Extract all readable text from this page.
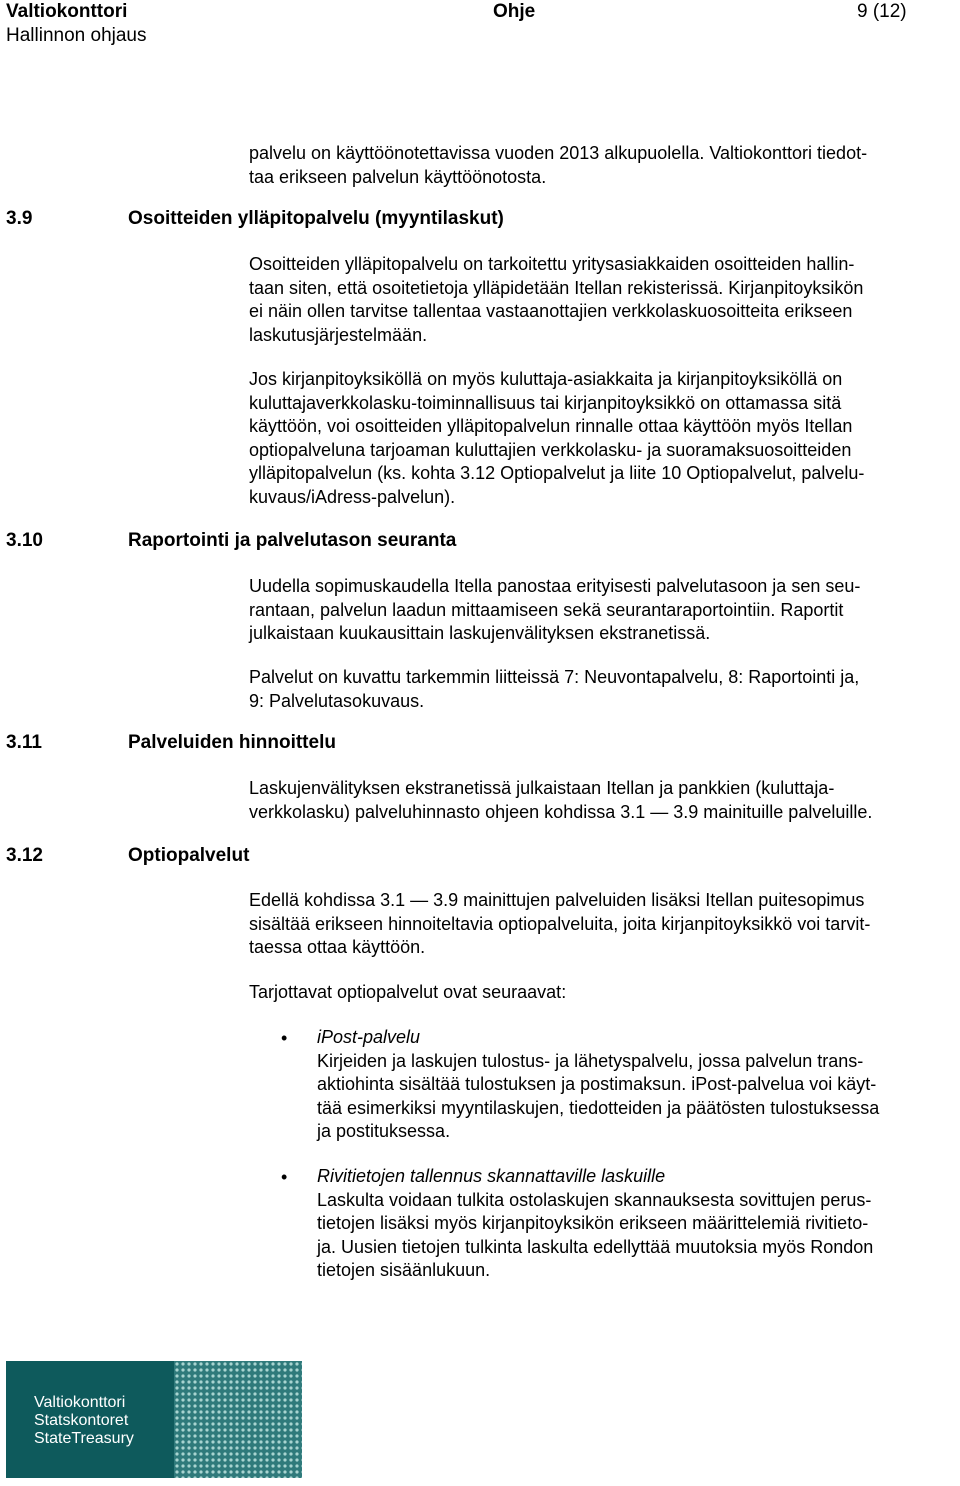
Valtiokonttori
Hallinnon ohjaus
Ohje	9 (12)
palvelu on käyttöönotettavissa vuoden 2013 alkupuolella. Valtiokonttori tiedot-
taa erikseen palvelun käyttöönotosta.
3.9	Osoitteiden ylläpitopalvelu (myyntilaskut)
Osoitteiden ylläpitopalvelu on tarkoitettu yritysasiakkaiden osoitteiden hallin-
taan siten, että osoitetietoja ylläpidetään Itellan rekisterissä. Kirjanpitoyksikön
ei näin ollen tarvitse tallentaa vastaanottajien verkkolaskuosoitteita erikseen
laskutusjärjestelmään.
Jos kirjanpitoyksiköllä on myös kuluttaja-asiakkaita ja kirjanpitoyksiköllä on
kuluttajaverkkolasku-toiminnallisuus tai kirjanpitoyksikkö on ottamassa sitä
käyttöön, voi osoitteiden ylläpitopalvelun rinnalle ottaa käyttöön myös Itellan
optiopalveluna tarjoaman kuluttajien verkkolasku- ja suoramaksuosoitteiden
ylläpitopalvelun (ks. kohta 3.12 Optiopalvelut ja liite 10 Optiopalvelut, palvelu-
kuvaus/iAdress-palvelun).
3.10	Raportointi ja palvelutason seuranta
Uudella sopimuskaudella Itella panostaa erityisesti palvelutasoon ja sen seu-
rantaan, palvelun laadun mittaamiseen sekä seurantaraportointiin. Raportit
julkaistaan kuukausittain laskujenvälityksen ekstranetissä.
Palvelut on kuvattu tarkemmin liitteissä 7: Neuvontapalvelu, 8: Raportointi ja,
9: Palvelutasokuvaus.
3.11	Palveluiden hinnoittelu
Laskujenvälityksen ekstranetissä julkaistaan Itellan ja pankkien (kuluttaja-
verkkolasku) palveluhinnasto ohjeen kohdissa 3.1 — 3.9 mainituille palveluille.
3.12	Optiopalvelut
Edellä kohdissa 3.1 — 3.9 mainittujen palveluiden lisäksi Itellan puitesopimus
sisältää erikseen hinnoiteltavia optiopalveluita, joita kirjanpitoyksikkö voi tarvit-
taessa ottaa käyttöön.
Tarjottavat optiopalvelut ovat seuraavat:
• iPost-palvelu
Kirjeiden ja laskujen tulostus- ja lähetyspalvelu, jossa palvelun trans-
aktiohinta sisältää tulostuksen ja postimaksun. iPost-palvelua voi käyt-
tää esimerkiksi myyntilaskujen, tiedotteiden ja päätösten tulostuksessa
ja postituksessa.
• Rivitietojen tallennus skannattaville laskuille
Laskulta voidaan tulkita ostolaskujen skannauksesta sovittujen perus-
tietojen lisäksi myös kirjanpitoyksikön erikseen määrittelemiä rivitieto-
ja. Uusien tietojen tulkinta laskulta edellyttää muutoksia myös Rondon
tietojen sisäänlukuun.
Valtiokonttori
Statskontoret
StateTreasury
